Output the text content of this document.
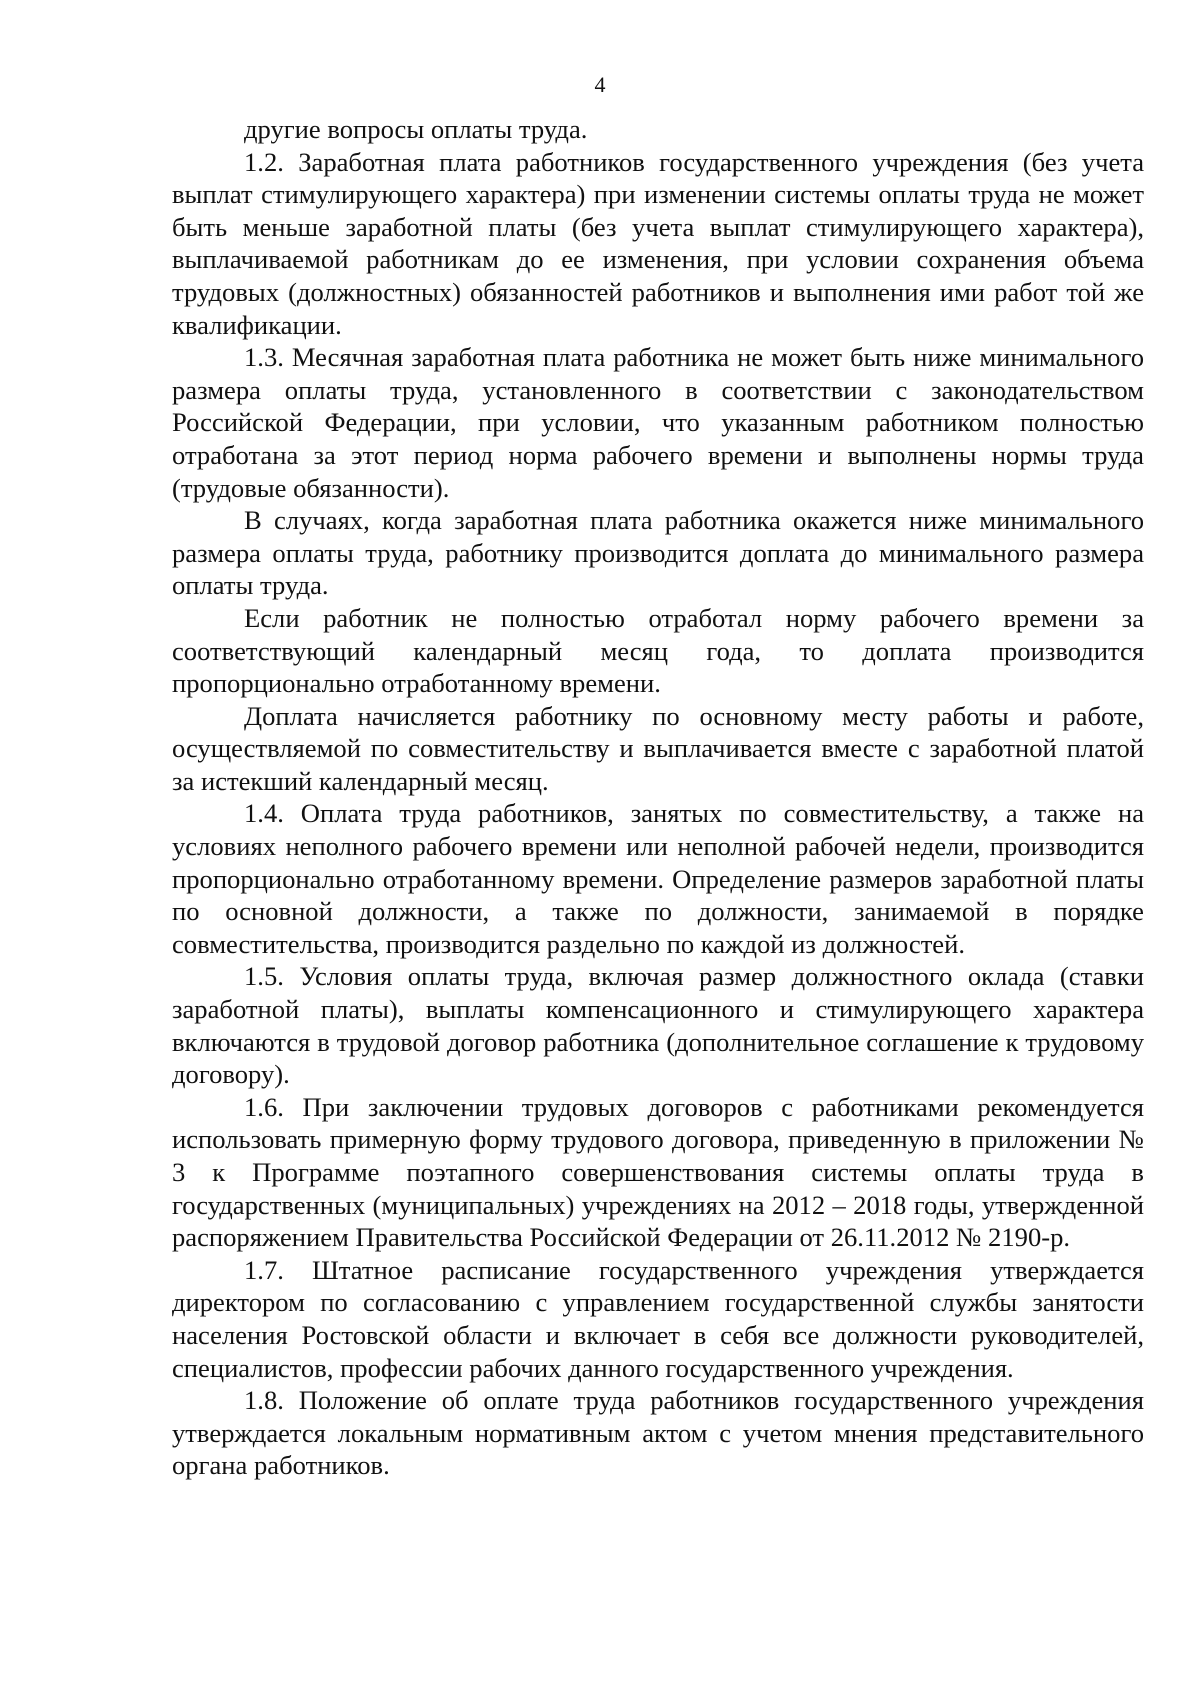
4

другие вопросы оплаты труда.

1.2. Заработная плата работников государственного учреждения (без учета выплат стимулирующего характера) при изменении системы оплаты труда не может быть меньше заработной платы (без учета выплат стимулирующего характера), выплачиваемой работникам до ее изменения, при условии сохранения объема трудовых (должностных) обязанностей работников и выполнения ими работ той же квалификации.

1.3. Месячная заработная плата работника не может быть ниже минимального размера оплаты труда, установленного в соответствии с законодательством Российской Федерации, при условии, что указанным работником полностью отработана за этот период норма рабочего времени и выполнены нормы труда (трудовые обязанности).

В случаях, когда заработная плата работника окажется ниже минимального размера оплаты труда, работнику производится доплата до минимального размера оплаты труда.

Если работник не полностью отработал норму рабочего времени за соответствующий календарный месяц года, то доплата производится пропорционально отработанному времени.

Доплата начисляется работнику по основному месту работы и работе, осуществляемой по совместительству и выплачивается вместе с заработной платой за истекший календарный месяц.

1.4. Оплата труда работников, занятых по совместительству, а также на условиях неполного рабочего времени или неполной рабочей недели, производится пропорционально отработанному времени. Определение размеров заработной платы по основной должности, а также по должности, занимаемой в порядке совместительства, производится раздельно по каждой из должностей.

1.5. Условия оплаты труда, включая размер должностного оклада (ставки заработной платы), выплаты компенсационного и стимулирующего характера включаются в трудовой договор работника (дополнительное соглашение к трудовому договору).

1.6. При заключении трудовых договоров с работниками рекомендуется использовать примерную форму трудового договора, приведенную в приложении № 3 к Программе поэтапного совершенствования системы оплаты труда в государственных (муниципальных) учреждениях на 2012 – 2018 годы, утвержденной распоряжением Правительства Российской Федерации от 26.11.2012 № 2190-р.

1.7. Штатное расписание государственного учреждения утверждается директором по согласованию с управлением государственной службы занятости населения Ростовской области и включает в себя все должности руководителей, специалистов, профессии рабочих данного государственного учреждения.

1.8. Положение об оплате труда работников государственного учреждения утверждается локальным нормативным актом с учетом мнения представительного органа работников.
